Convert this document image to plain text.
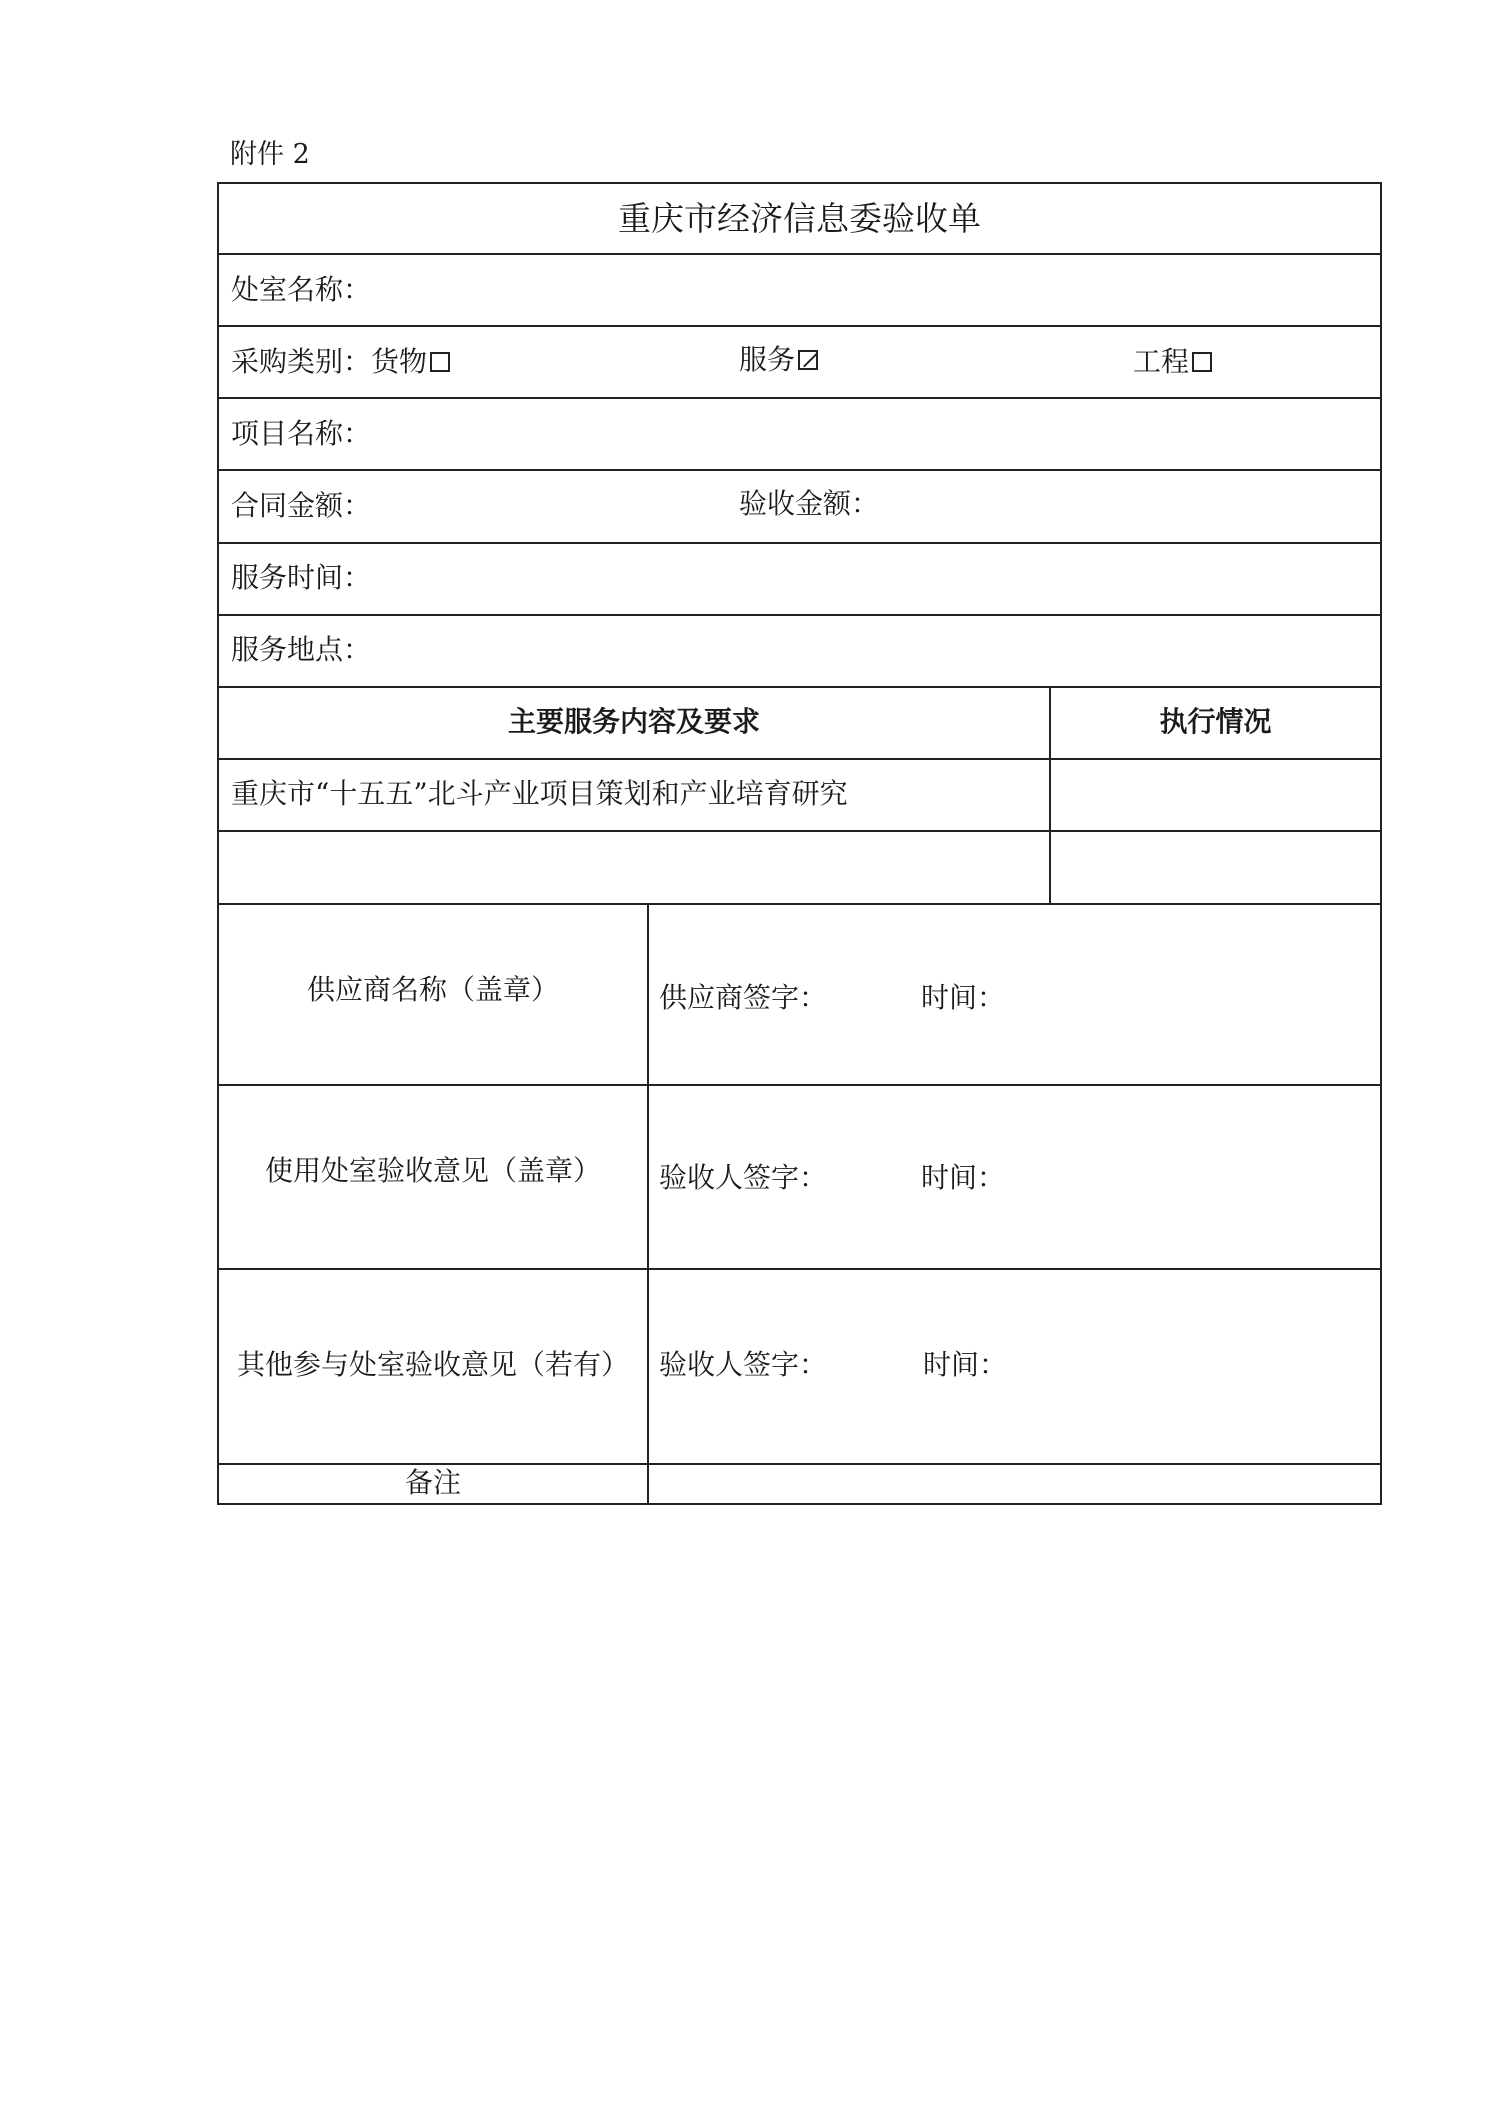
附件 2
重庆市经济信息委验收单
处室名称：
采购类别：货物	服务	工程
项目名称：
合同金额：	验收金额：
服务时间：
服务地点：
主要服务内容及要求	执行情况
重庆市“十五五”北斗产业项目策划和产业培育研究
供应商名称（盖章）	供应商签字：	时间：
使用处室验收意见（盖章）	验收人签字：	时间：
其他参与处室验收意见（若有）	验收人签字：	时间：
备注
